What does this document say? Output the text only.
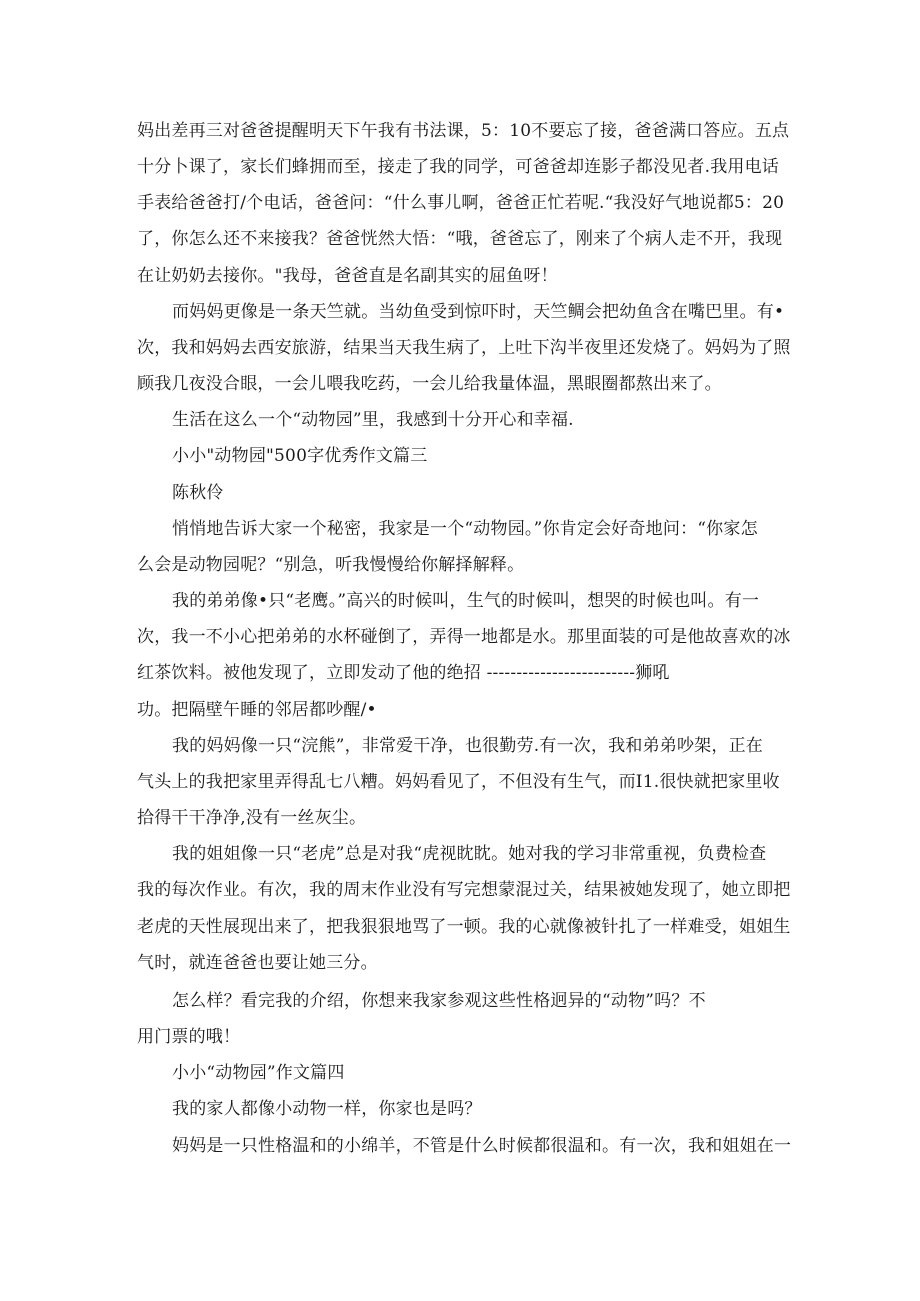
妈出差再三对爸爸提醒明天下午我有书法课，5：10不要忘了接，爸爸满口答应。五点
十分卜课了，家长们蜂拥而至，接走了我的同学，可爸爸却连影子都没见者.我用电话
手表给爸爸打/个电话，爸爸问：“什么事儿啊，爸爸正忙若呢.“我没好气地说都5：20
了，你怎么还不来接我？爸爸恍然大悟：“哦，爸爸忘了，刚来了个病人走不开，我现
在让奶奶去接你。"我母，爸爸直是名副其实的屈鱼呀！
而妈妈更像是一条天竺就。当幼鱼受到惊吓时，天竺鲷会把幼鱼含在嘴巴里。有•
次，我和妈妈去西安旅游，结果当天我生病了，上吐下沟半夜里还发烧了。妈妈为了照
顾我几夜没合眼，一会儿喂我吃药，一会儿给我量体温，黑眼圈都熬出来了。
生活在这么一个“动物园”里，我感到十分开心和幸福.
小小"动物园"500字优秀作文篇三
陈秋伶
悄悄地告诉大家一个秘密，我家是一个“动物园。”你肯定会好奇地问：“你家怎
么会是动物园呢？“别急，听我慢慢给你解择解释。
我的弟弟像•只“老鹰。”高兴的时候叫，生气的时候叫，想哭的时候也叫。有一
次，我一不小心把弟弟的水杯碰倒了，弄得一地都是水。那里面装的可是他故喜欢的冰
红茶饮料。被他发现了，立即发动了他的绝招 -------------------------狮吼
功。把隔壁午睡的邻居都吵醒/•
我的妈妈像一只“浣熊”，非常爱干净，也很勤劳.有一次，我和弟弟吵架，正在
气头上的我把家里弄得乱七八糟。妈妈看见了，不但没有生气，而I1.很快就把家里收
拾得干干净净,没有一丝灰尘。
我的姐姐像一只“老虎”总是对我“虎视眈眈。她对我的学习非常重视，负费检查
我的每次作业。有次，我的周末作业没有写完想蒙混过关，结果被她发现了，她立即把
老虎的天性展现出来了，把我狠狠地骂了一顿。我的心就像被针扎了一样难受，姐姐生
气时，就连爸爸也要让她三分。
怎么样？看完我的介绍，你想来我家参观这些性格迥异的“动物”吗？不
用门票的哦！
小小“动物园”作文篇四
我的家人都像小动物一样，你家也是吗？
妈妈是一只性格温和的小绵羊，不管是什么时候都很温和。有一次，我和姐姐在一
